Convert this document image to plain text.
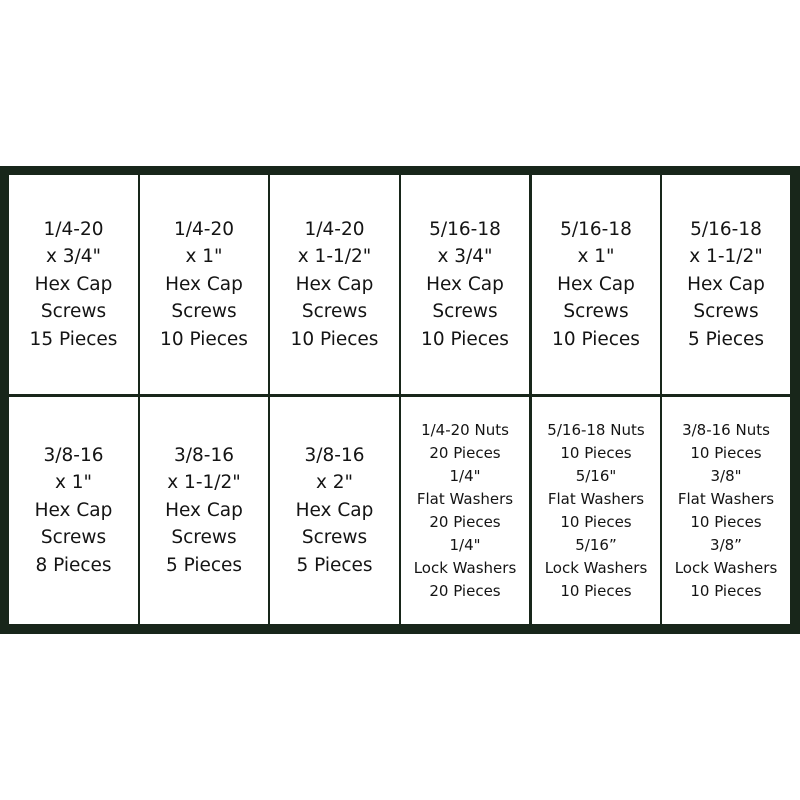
1/4-20
x 3/4"
Hex Cap
Screws
15 Pieces
1/4-20
x 1"
Hex Cap
Screws
10 Pieces
1/4-20
x 1-1/2"
Hex Cap
Screws
10 Pieces
5/16-18
x 3/4"
Hex Cap
Screws
10 Pieces
5/16-18
x 1"
Hex Cap
Screws
10 Pieces
5/16-18
x 1-1/2"
Hex Cap
Screws
5 Pieces
3/8-16
x 1"
Hex Cap
Screws
8 Pieces
3/8-16
x 1-1/2"
Hex Cap
Screws
5 Pieces
3/8-16
x 2"
Hex Cap
Screws
5 Pieces
1/4-20 Nuts
20 Pieces
1/4"
Flat Washers
20 Pieces
1/4"
Lock Washers
20 Pieces
5/16-18 Nuts
10 Pieces
5/16"
Flat Washers
10 Pieces
5/16”
Lock Washers
10 Pieces
3/8-16 Nuts
10 Pieces
3/8"
Flat Washers
10 Pieces
3/8”
Lock Washers
10 Pieces
